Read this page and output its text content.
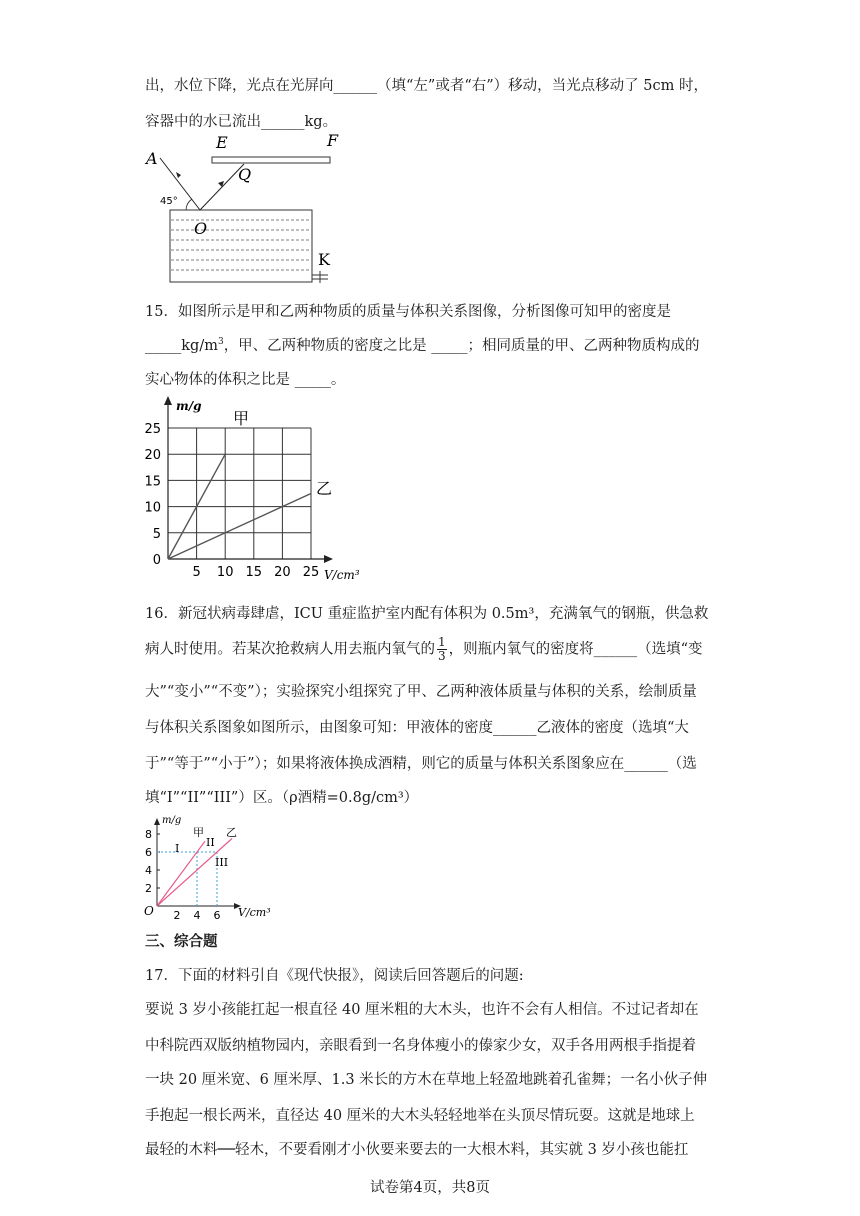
出，水位下降，光点在光屏向______（填“左”或者“右”）移动，当光点移动了 5cm 时，
容器中的水已流出______kg。
E	F
A
Q
45°
O
K
15．如图所示是甲和乙两种物质的质量与体积关系图像，分析图像可知甲的密度是
$\_\_\_\_\_kg/m^3$，甲、乙两种物质的密度之比是 _____；相同质量的甲、乙两种物质构成的
实心物体的体积之比是 _____。
5 10 15 20 25
0
5
10
15
20
25
m/g
V/cm³
甲
乙
16．新冠状病毒肆虐，ICU 重症监护室内配有体积为 0.5m³，充满氧气的钢瓶，供急救
病人时使用。若某次抢救病人用去瓶内氧气的 $\frac{1}{3}$ ，则瓶内氧气的密度将______（选填“变
大”“变小”“不变”）；实验探究小组探究了甲、乙两种液体质量与体积的关系，绘制质量
与体积关系图象如图所示，由图象可知：甲液体的密度______乙液体的密度（选填“大
于”“等于”“小于”）；如果将液体换成酒精，则它的质量与体积关系图象应在______（选
填“I”“II”“III”）区。（ρ酒精=0.8g/cm³）
2
4
6
8
2 4 6
O
m/g
V/cm³
甲 乙
I II
III
三、综合题
17．下面的材料引自《现代快报》，阅读后回答题后的问题:
要说 3 岁小孩能扛起一根直径 40 厘米粗的大木头，也许不会有人相信。不过记者却在
中科院西双版纳植物园内，亲眼看到一名身体瘦小的傣家少女，双手各用两根手指提着
一块 20 厘米宽、6 厘米厚、1.3 米长的方木在草地上轻盈地跳着孔雀舞；一名小伙子伸
手抱起一根长两米，直径达 40 厘米的大木头轻轻地举在头顶尽情玩耍。这就是地球上
最轻的木料──轻木，不要看刚才小伙要来要去的一大根木料，其实就 3 岁小孩也能扛
试卷第4页，共8页
